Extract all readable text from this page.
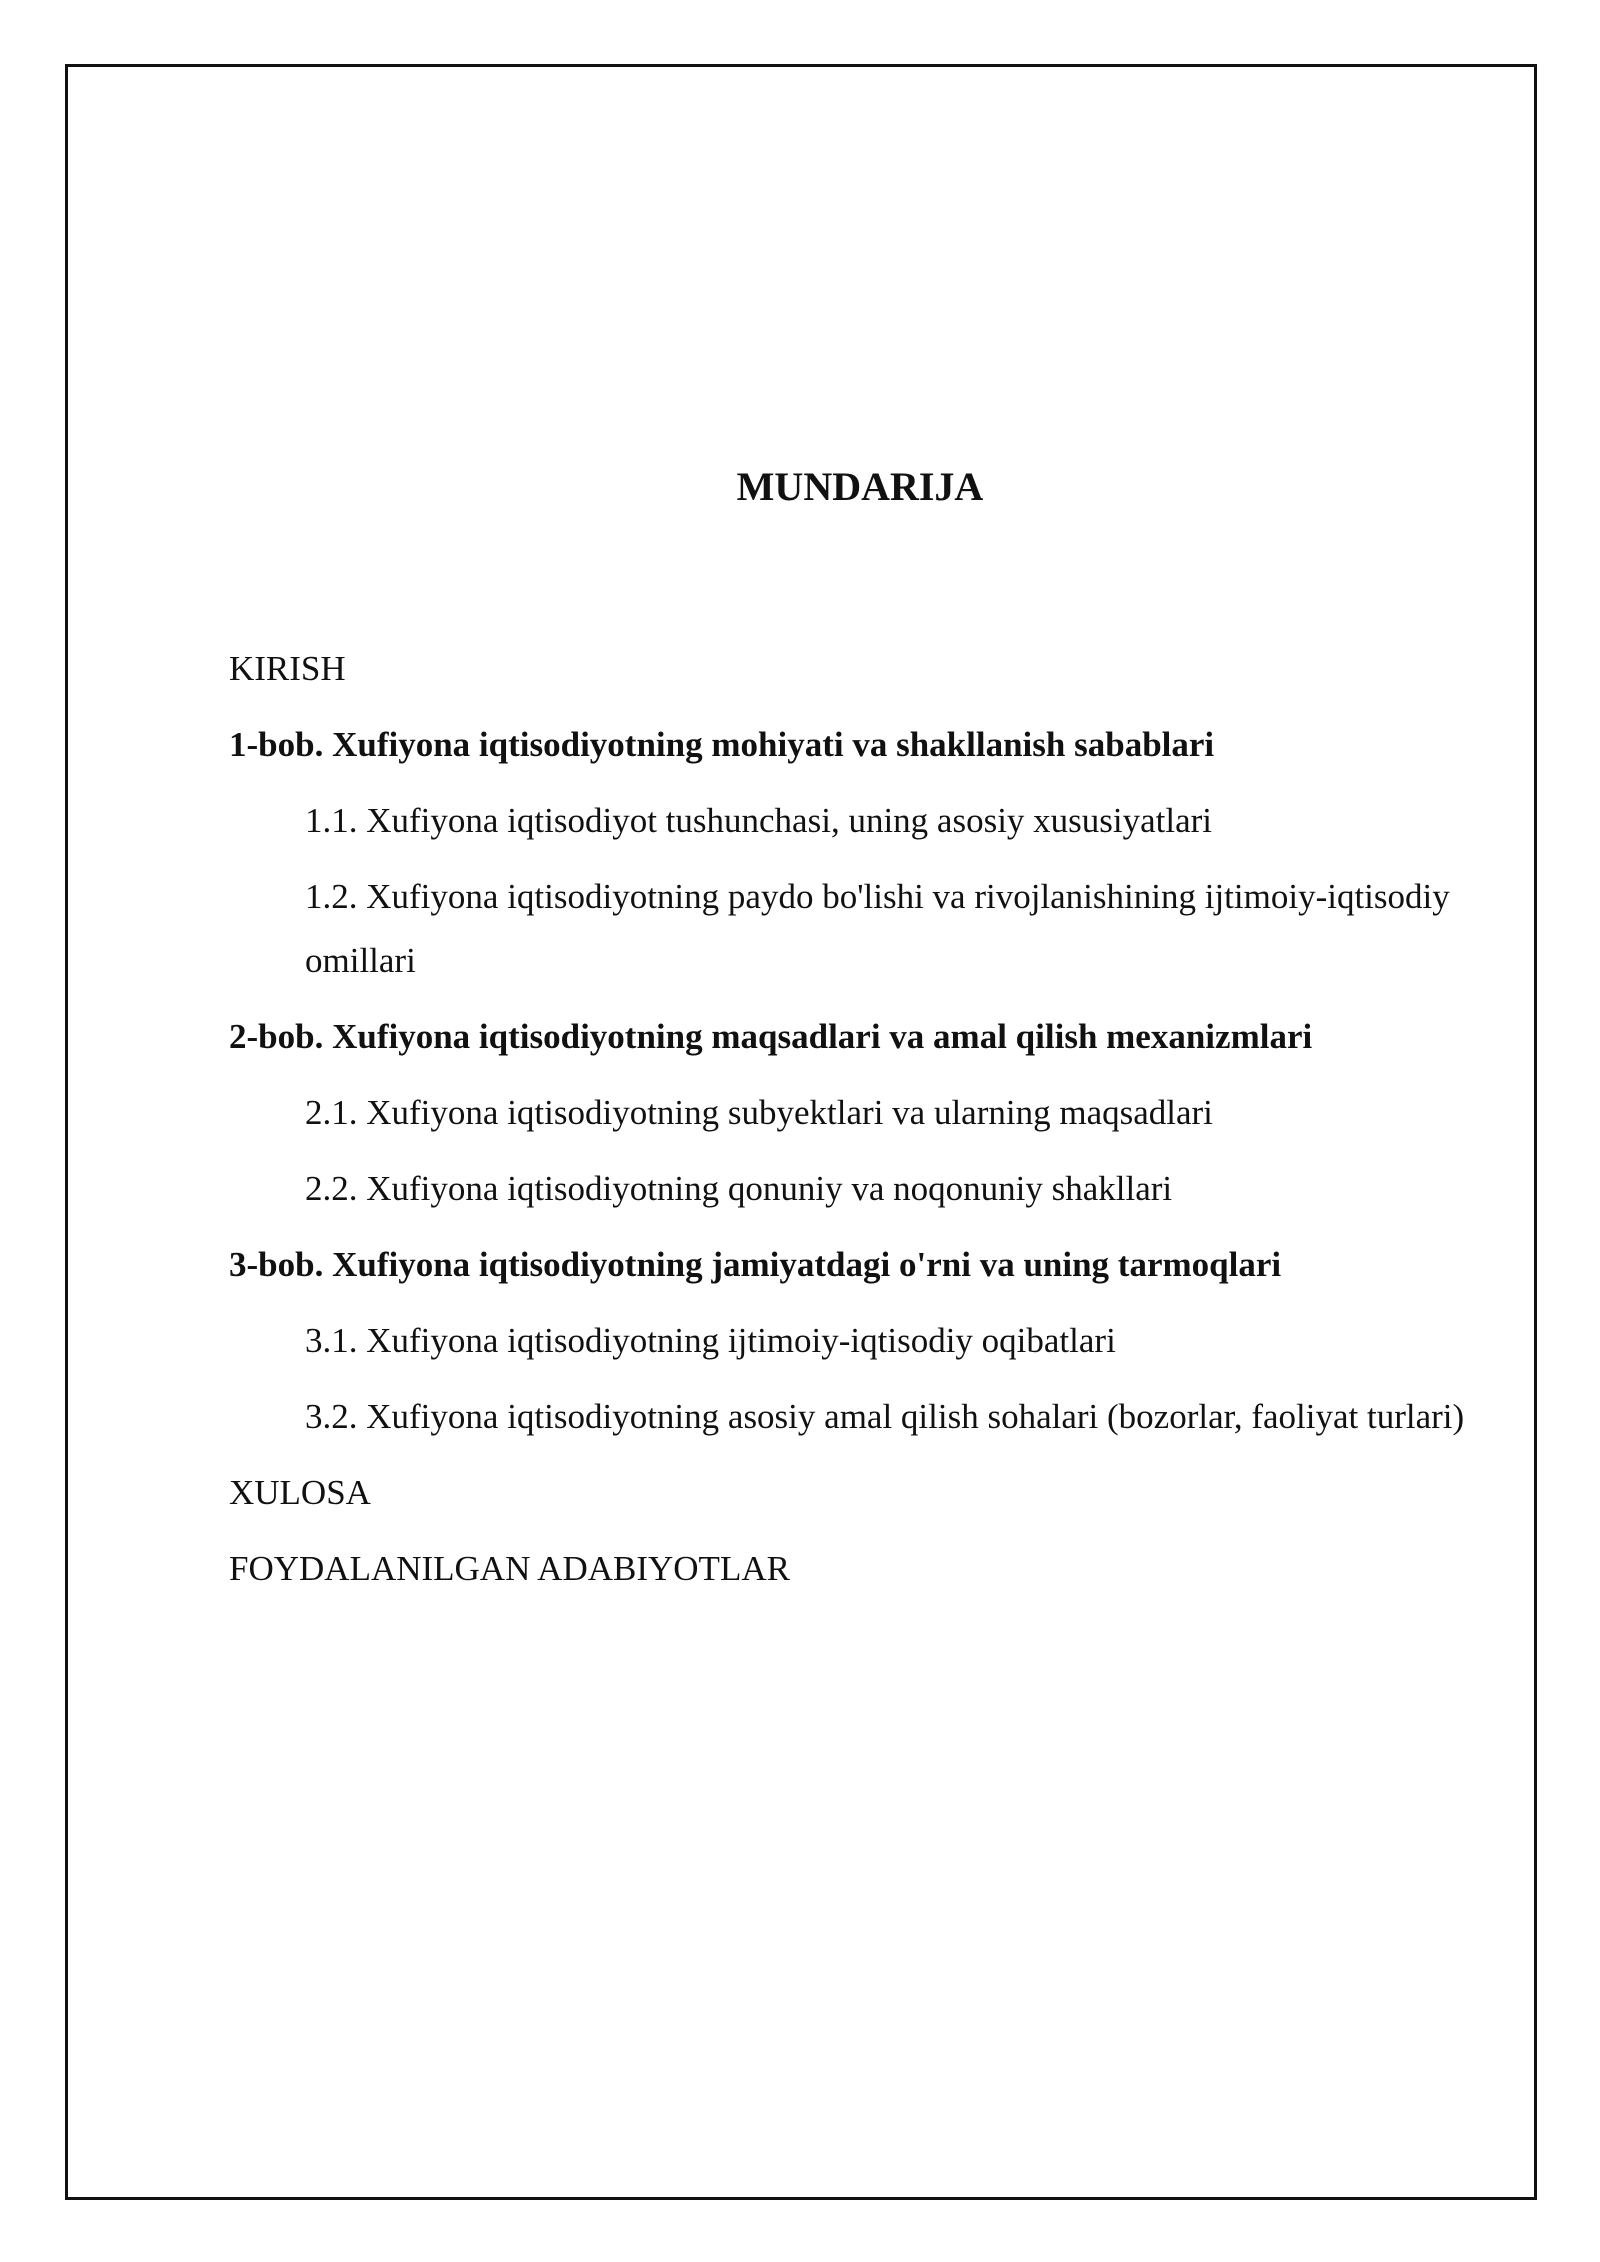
MUNDARIJA
KIRISH
1-bob. Xufiyona iqtisodiyotning mohiyati va shakllanish sabablari
1.1. Xufiyona iqtisodiyot tushunchasi, uning asosiy xususiyatlari
1.2. Xufiyona iqtisodiyotning paydo bo'lishi va rivojlanishining ijtimoiy-iqtisodiy omillari
2-bob. Xufiyona iqtisodiyotning maqsadlari va amal qilish mexanizmlari
2.1. Xufiyona iqtisodiyotning subyektlari va ularning maqsadlari
2.2. Xufiyona iqtisodiyotning qonuniy va noqonuniy shakllari
3-bob. Xufiyona iqtisodiyotning jamiyatdagi o'rni va uning tarmoqlari
3.1. Xufiyona iqtisodiyotning ijtimoiy-iqtisodiy oqibatlari
3.2. Xufiyona iqtisodiyotning asosiy amal qilish sohalari (bozorlar, faoliyat turlari)
XULOSA
FOYDALANILGAN ADABIYOTLAR
